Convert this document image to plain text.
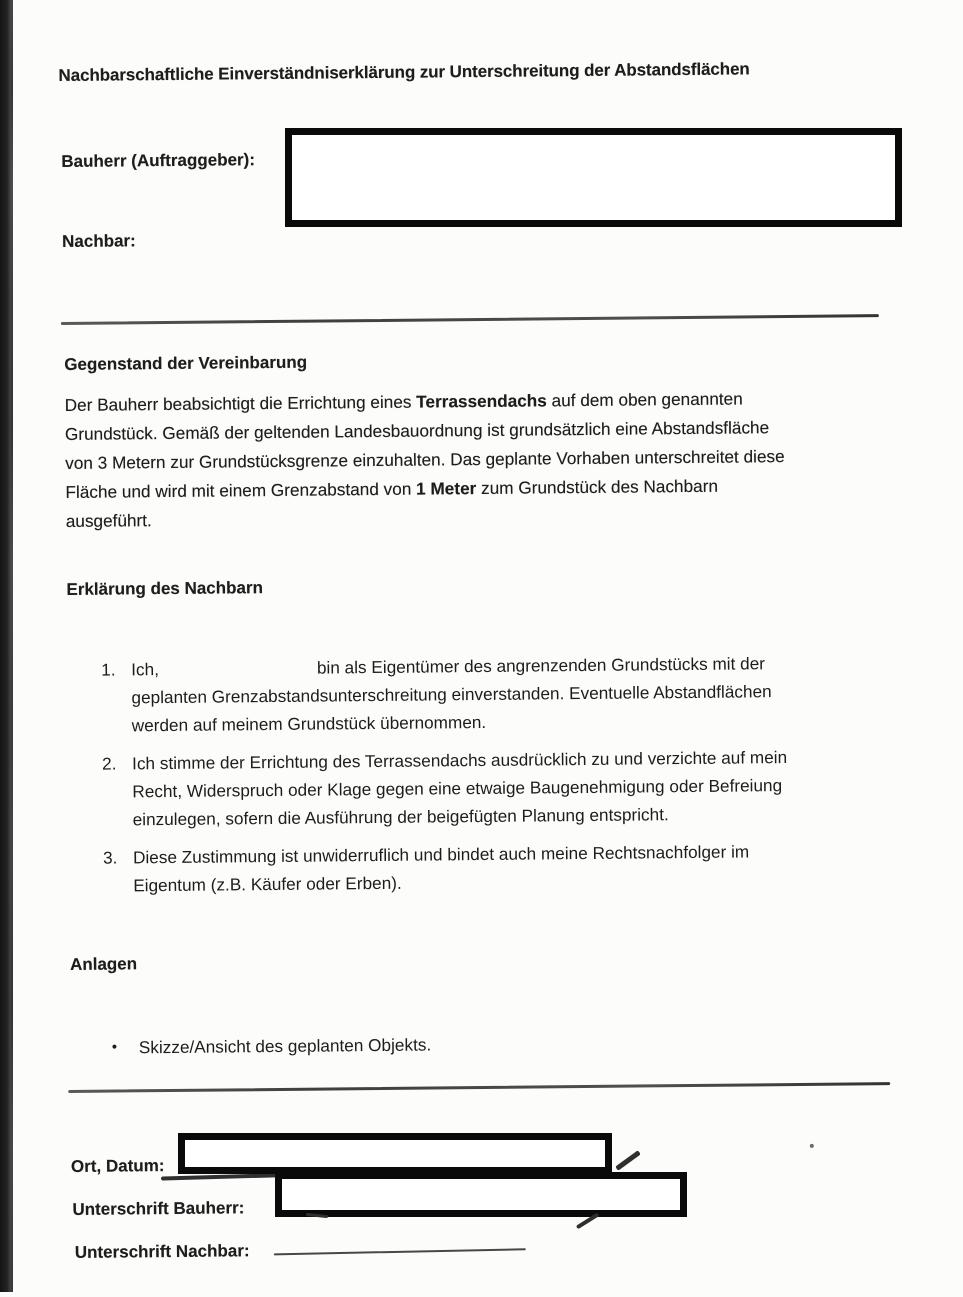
Nachbarschaftliche Einverständniserklärung zur Unterschreitung der Abstandsflächen
Bauherr (Auftraggeber):
Nachbar:
Gegenstand der Vereinbarung
Der Bauherr beabsichtigt die Errichtung eines Terrassendachs auf dem oben genannten
Grundstück. Gemäß der geltenden Landesbauordnung ist grundsätzlich eine Abstandsfläche
von 3 Metern zur Grundstücksgrenze einzuhalten. Das geplante Vorhaben unterschreitet diese
Fläche und wird mit einem Grenzabstand von 1 Meter zum Grundstück des Nachbarn
ausgeführt.
Erklärung des Nachbarn
1. Ich,	bin als Eigentümer des angrenzenden Grundstücks mit der
geplanten Grenzabstandsunterschreitung einverstanden. Eventuelle Abstandflächen
werden auf meinem Grundstück übernommen.
2. Ich stimme der Errichtung des Terrassendachs ausdrücklich zu und verzichte auf mein
Recht, Widerspruch oder Klage gegen eine etwaige Baugenehmigung oder Befreiung
einzulegen, sofern die Ausführung der beigefügten Planung entspricht.
3. Diese Zustimmung ist unwiderruflich und bindet auch meine Rechtsnachfolger im
Eigentum (z.B. Käufer oder Erben).
Anlagen
•	Skizze/Ansicht des geplanten Objekts.
Ort, Datum:
Unterschrift Bauherr:
Unterschrift Nachbar:
